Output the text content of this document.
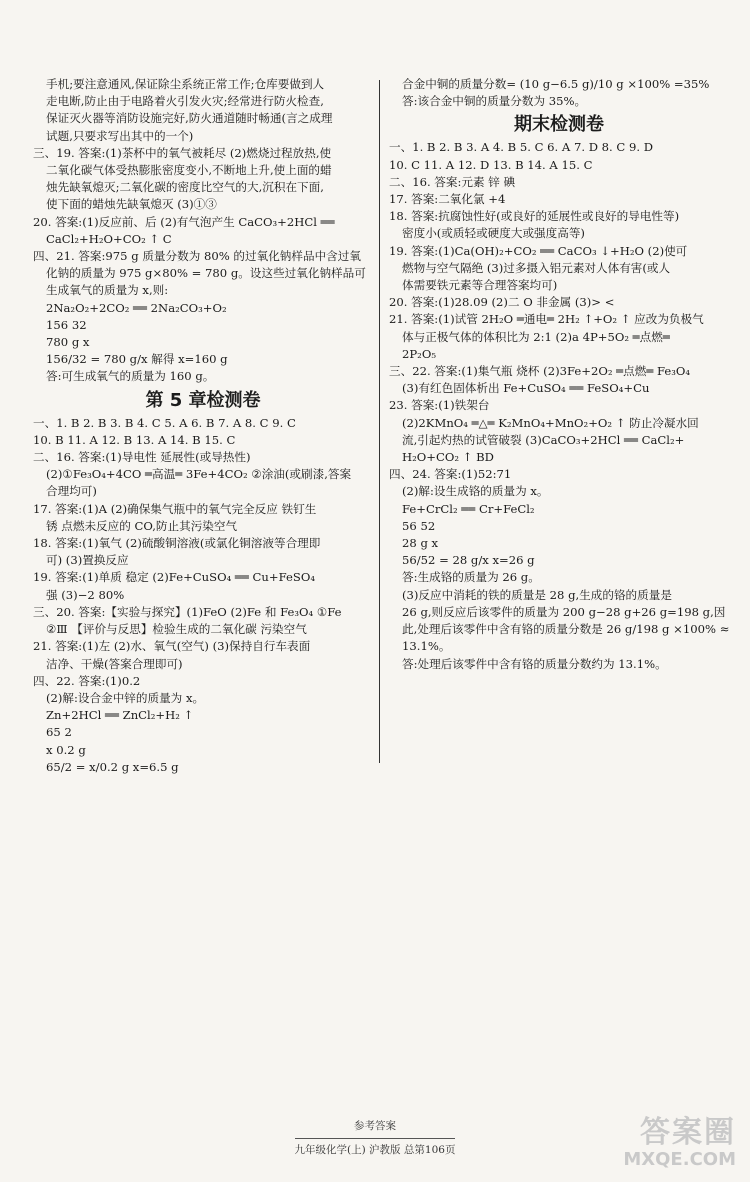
手机;要注意通风,保证除尘系统正常工作;仓库要做到人
走电断,防止由于电路着火引发火灾;经常进行防火检查,
保证灭火器等消防设施完好,防火通道随时畅通(言之成理
试题,只要求写出其中的一个)
三、19. 答案:(1)茶杯中的氧气被耗尽 (2)燃烧过程放热,使
二氧化碳气体受热膨胀密度变小,不断地上升,使上面的蜡
烛先缺氧熄灭;二氧化碳的密度比空气的大,沉积在下面,
使下面的蜡烛先缺氧熄灭 (3)①③
20. 答案:(1)反应前、后 (2)有气泡产生 CaCO₃+2HCl ══
CaCl₂+H₂O+CO₂ ↑ C
四、21. 答案:975 g 质量分数为 80% 的过氧化钠样品中含过氧
化钠的质量为 975 g×80% = 780 g。设这些过氧化钠样品可
生成氧气的质量为 x,则:
2Na₂O₂+2CO₂ ══ 2Na₂CO₃+O₂
156 32
780 g x
156/32 = 780 g/x 解得 x=160 g
答:可生成氧气的质量为 160 g。
第 5 章检测卷
一、1. B 2. B 3. B 4. C 5. A 6. B 7. A 8. C 9. C
10. B 11. A 12. B 13. A 14. B 15. C
二、16. 答案:(1)导电性 延展性(或导热性)
(2)①Fe₃O₄+4CO ═高温═ 3Fe+4CO₂ ②涂油(或刷漆,答案
合理均可)
17. 答案:(1)A (2)确保集气瓶中的氧气完全反应 铁钉生
锈 点燃未反应的 CO,防止其污染空气
18. 答案:(1)氧气 (2)硫酸铜溶液(或氯化铜溶液等合理即
可) (3)置换反应
19. 答案:(1)单质 稳定 (2)Fe+CuSO₄ ══ Cu+FeSO₄
强 (3)−2 80%
三、20. 答案:【实验与探究】(1)FeO (2)Fe 和 Fe₃O₄ ①Fe
②Ⅲ 【评价与反思】检验生成的二氧化碳 污染空气
21. 答案:(1)左 (2)水、氧气(空气) (3)保持自行车表面
洁净、干燥(答案合理即可)
四、22. 答案:(1)0.2
(2)解:设合金中锌的质量为 x。
Zn+2HCl ══ ZnCl₂+H₂ ↑
65 2
x 0.2 g
65/2 = x/0.2 g x=6.5 g
合金中铜的质量分数= (10 g−6.5 g)/10 g ×100% =35%
答:该合金中铜的质量分数为 35%。
期末检测卷
一、1. B 2. B 3. A 4. B 5. C 6. A 7. D 8. C 9. D
10. C 11. A 12. D 13. B 14. A 15. C
二、16. 答案:元素 锌 碘
17. 答案:二氧化氯 +4
18. 答案:抗腐蚀性好(或良好的延展性或良好的导电性等)
密度小(或质轻或硬度大或强度高等)
19. 答案:(1)Ca(OH)₂+CO₂ ══ CaCO₃ ↓+H₂O (2)使可
燃物与空气隔绝 (3)过多摄入铝元素对人体有害(或人
体需要铁元素等合理答案均可)
20. 答案:(1)28.09 (2)二 O 非金属 (3)> <
21. 答案:(1)试管 2H₂O ═通电═ 2H₂ ↑+O₂ ↑ 应改为负极气
体与正极气体的体积比为 2:1 (2)a 4P+5O₂ ═点燃═
2P₂O₅
三、22. 答案:(1)集气瓶 烧杯 (2)3Fe+2O₂ ═点燃═ Fe₃O₄
(3)有红色固体析出 Fe+CuSO₄ ══ FeSO₄+Cu
23. 答案:(1)铁架台
(2)2KMnO₄ ═△═ K₂MnO₄+MnO₂+O₂ ↑ 防止冷凝水回
流,引起灼热的试管破裂 (3)CaCO₃+2HCl ══ CaCl₂+
H₂O+CO₂ ↑ BD
四、24. 答案:(1)52:71
(2)解:设生成铬的质量为 x。
Fe+CrCl₂ ══ Cr+FeCl₂
56 52
28 g x
56/52 = 28 g/x x=26 g
答:生成铬的质量为 26 g。
(3)反应中消耗的铁的质量是 28 g,生成的铬的质量是
26 g,则反应后该零件的质量为 200 g−28 g+26 g=198 g,因
此,处理后该零件中含有铬的质量分数是 26 g/198 g ×100% ≈
13.1%。
答:处理后该零件中含有铬的质量分数约为 13.1%。
参考答案
九年级化学(上) 沪教版 总第106页
答案圈
MXQE.COM
